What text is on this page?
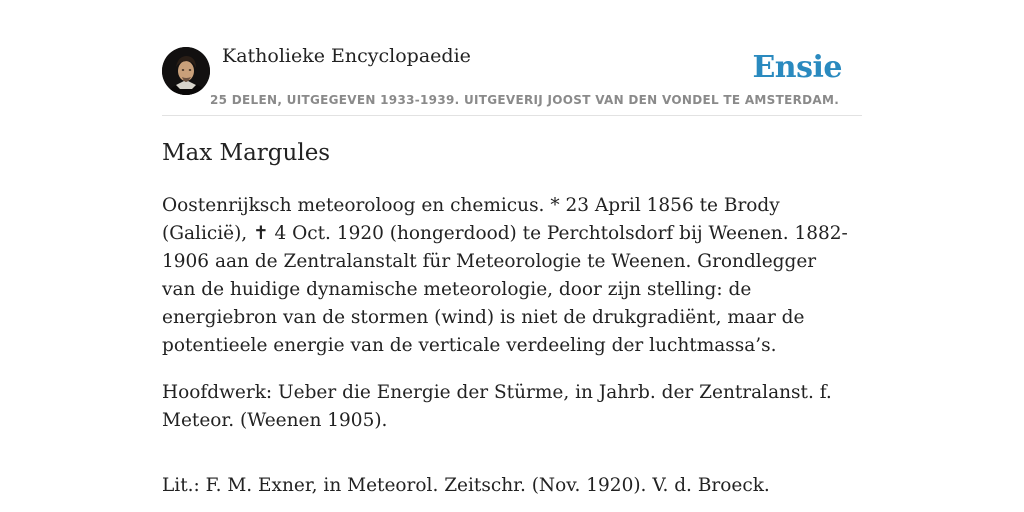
Katholieke Encyclopaedie	Ensie
25 DELEN, UITGEGEVEN 1933-1939. UITGEVERIJ JOOST VAN DEN VONDEL TE AMSTERDAM.
Max Margules

Oostenrijksch meteoroloog en chemicus. * 23 April 1856 te Brody (Galicië), ✝ 4 Oct. 1920 (hongerdood) te Perchtolsdorf bij Weenen. 1882-1906 aan de Zentralanstalt für Meteorologie te Weenen. Grondlegger van de huidige dynamische meteorologie, door zijn stelling: de energiebron van de stormen (wind) is niet de drukgradiënt, maar de potentieele energie van de verticale verdeeling der luchtmassa’s.

Hoofdwerk: Ueber die Energie der Stürme, in Jahrb. der Zentralanst. f. Meteor. (Weenen 1905).

Lit.: F. M. Exner, in Meteorol. Zeitschr. (Nov. 1920). V. d. Broeck.
